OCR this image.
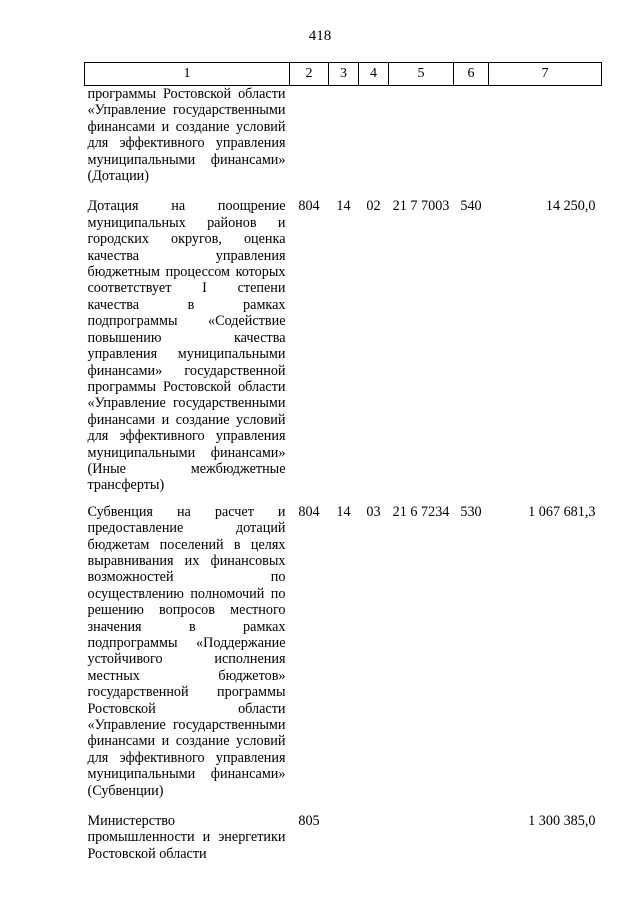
418
1	2	3	4	5	6	7
программы Ростовской области «Управление государственными финансами и создание условий для эффективного управления муниципальными финансами» (Дотации)						
Дотация на поощрение муниципальных районов и городских округов, оценка качества управления бюджетным процессом которых соответствует I степени качества в рамках подпрограммы «Содействие повышению качества управления муниципальными финансами» государственной программы Ростовской области «Управление государственными финансами и создание условий для эффективного управления муниципальными финансами» (Иные межбюджетные трансферты)	804	14	02	21 7 7003	540	14 250,0
Субвенция на расчет и предоставление дотаций бюджетам поселений в целях выравнивания их финансовых возможностей по осуществлению полномочий по решению вопросов местного значения в рамках подпрограммы «Поддержание устойчивого исполнения местных бюджетов» государственной программы Ростовской области «Управление государственными финансами и создание условий для эффективного управления муниципальными финансами» (Субвенции)	804	14	03	21 6 7234	530	1 067 681,3
Министерство промышленности и энергетики Ростовской области	805					1 300 385,0
